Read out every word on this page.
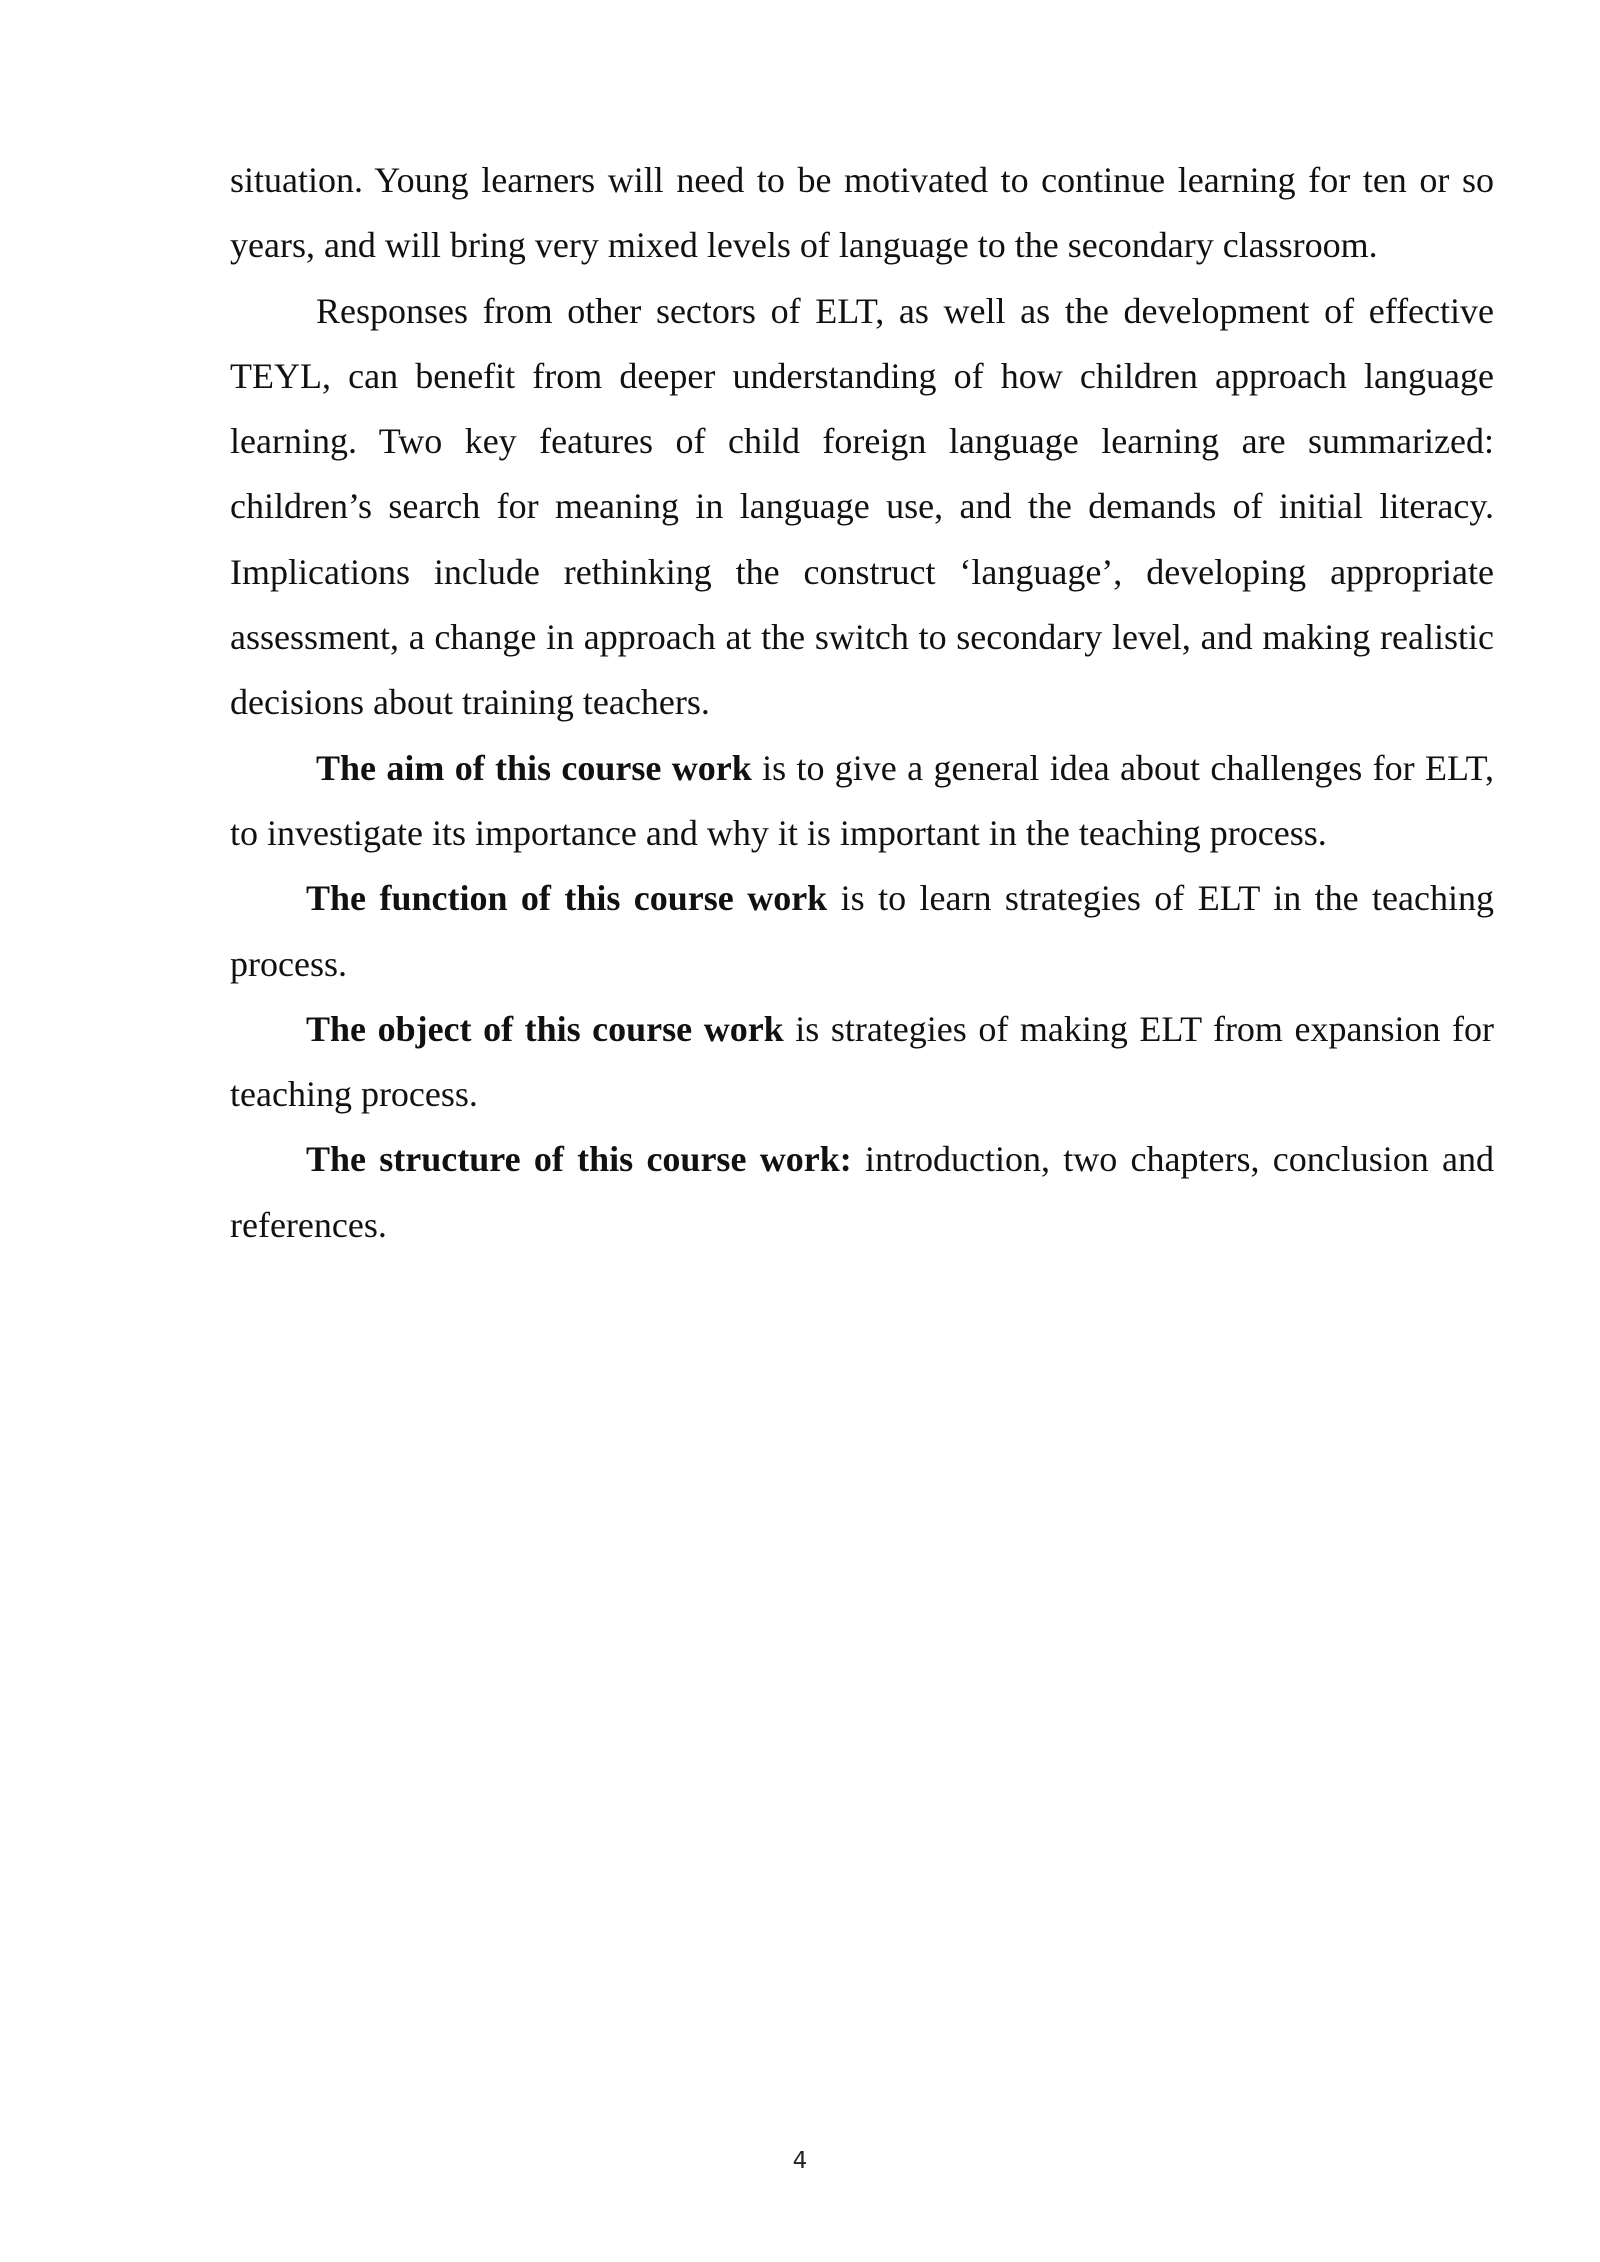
situation. Young learners will need to be motivated to continue learning for ten or so years, and will bring very mixed levels of language to the secondary classroom.

Responses from other sectors of ELT, as well as the development of effective TEYL, can benefit from deeper understanding of how children approach language learning. Two key features of child foreign language learning are summarized: children’s search for meaning in language use, and the demands of initial literacy. Implications include rethinking the construct ‘language’, developing appropriate assessment, a change in approach at the switch to secondary level, and making realistic decisions about training teachers.

The aim of this course work is to give a general idea about challenges for ELT, to investigate its importance and why it is important in the teaching process.

The function of this course work is to learn strategies of ELT in the teaching process.

The object of this course work is strategies of making ELT from expansion for teaching process.

The structure of this course work: introduction, two chapters, conclusion and references.

4
